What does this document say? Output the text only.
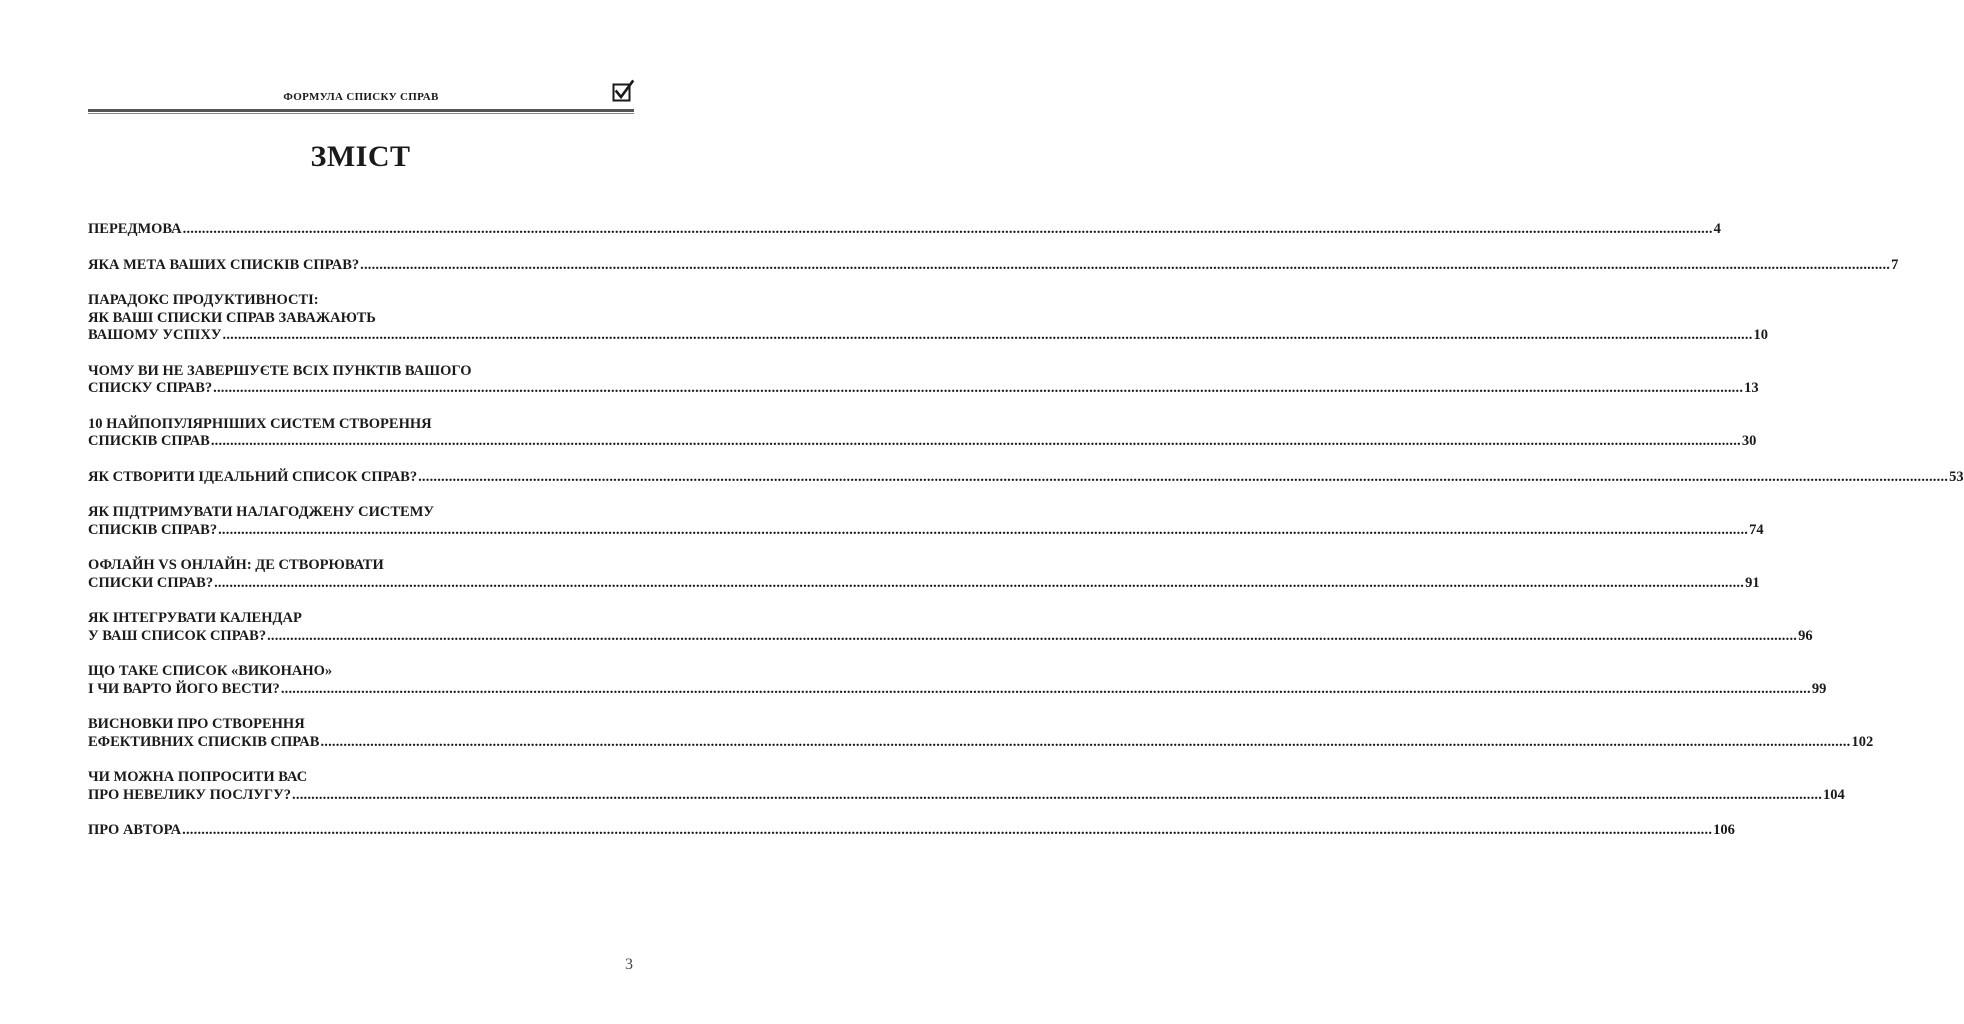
ФОРМУЛА СПИСКУ СПРАВ
ЗМІСТ
ПЕРЕДМОВА ................................................................................................................................................................................................................................................................................................................................................................................................................ 4
ЯКА МЕТА ВАШИХ СПИСКІВ СПРАВ? ................................................................................................................................................................................................................................................................................................................................................................................................................ 7
ПАРАДОКС ПРОДУКТИВНОСТІ:
ЯК ВАШІ СПИСКИ СПРАВ ЗАВАЖАЮТЬ
ВАШОМУ УСПІХУ ................................................................................................................................................................................................................................................................................................................................................................................................................ 10
ЧОМУ ВИ НЕ ЗАВЕРШУЄТЕ ВСІХ ПУНКТІВ ВАШОГО
СПИСКУ СПРАВ? ................................................................................................................................................................................................................................................................................................................................................................................................................ 13
10 НАЙПОПУЛЯРНІШИХ СИСТЕМ СТВОРЕННЯ
СПИСКІВ СПРАВ ................................................................................................................................................................................................................................................................................................................................................................................................................ 30
ЯК СТВОРИТИ ІДЕАЛЬНИЙ СПИСОК СПРАВ? ................................................................................................................................................................................................................................................................................................................................................................................................................ 53
ЯК ПІДТРИМУВАТИ НАЛАГОДЖЕНУ СИСТЕМУ
СПИСКІВ СПРАВ? ................................................................................................................................................................................................................................................................................................................................................................................................................ 74
ОФЛАЙН VS ОНЛАЙН: ДЕ СТВОРЮВАТИ
СПИСКИ СПРАВ? ................................................................................................................................................................................................................................................................................................................................................................................................................ 91
ЯК ІНТЕГРУВАТИ КАЛЕНДАР
У ВАШ СПИСОК СПРАВ? ................................................................................................................................................................................................................................................................................................................................................................................................................ 96
ЩО ТАКЕ СПИСОК «ВИКОНАНО»
І ЧИ ВАРТО ЙОГО ВЕСТИ? ................................................................................................................................................................................................................................................................................................................................................................................................................ 99
ВИСНОВКИ ПРО СТВОРЕННЯ
ЕФЕКТИВНИХ СПИСКІВ СПРАВ ................................................................................................................................................................................................................................................................................................................................................................................................................ 102
ЧИ МОЖНА ПОПРОСИТИ ВАС
ПРО НЕВЕЛИКУ ПОСЛУГУ? ................................................................................................................................................................................................................................................................................................................................................................................................................ 104
ПРО АВТОРА ................................................................................................................................................................................................................................................................................................................................................................................................................ 106
3
